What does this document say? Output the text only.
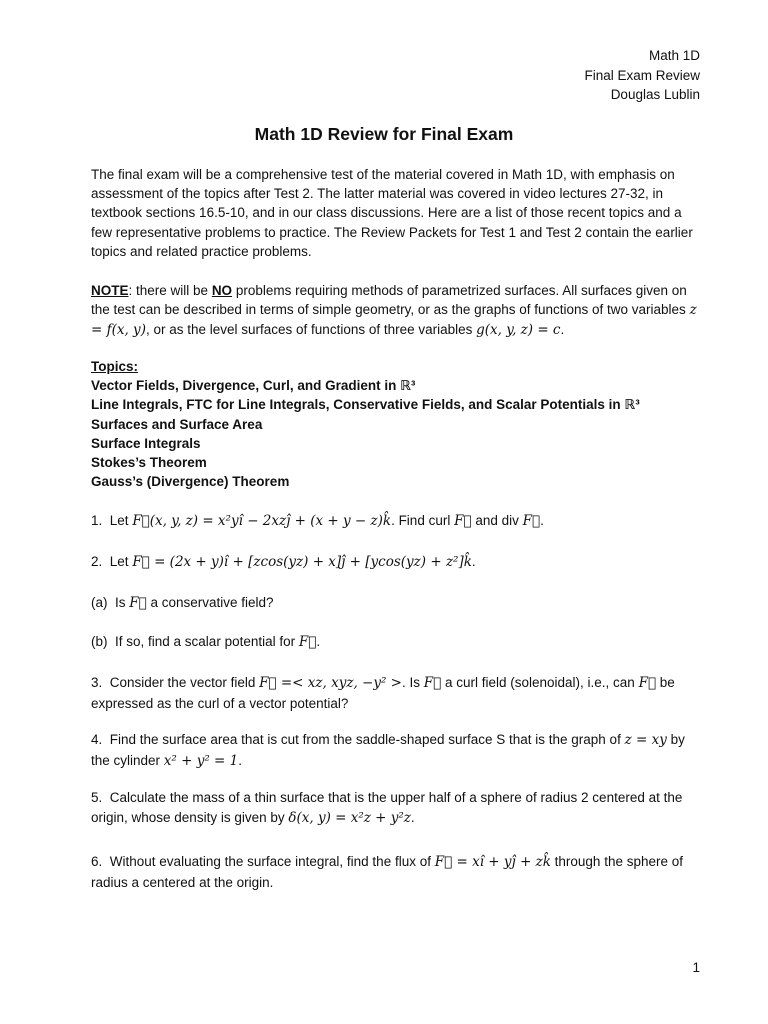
Math 1D
Final Exam Review
Douglas Lublin
Math 1D Review for Final Exam
The final exam will be a comprehensive test of the material covered in Math 1D, with emphasis on assessment of the topics after Test 2. The latter material was covered in video lectures 27-32, in textbook sections 16.5-10, and in our class discussions. Here are a list of those recent topics and a few representative problems to practice. The Review Packets for Test 1 and Test 2 contain the earlier topics and related practice problems.
NOTE: there will be NO problems requiring methods of parametrized surfaces. All surfaces given on the test can be described in terms of simple geometry, or as the graphs of functions of two variables z = f(x, y), or as the level surfaces of functions of three variables g(x, y, z) = c.
Topics:
Vector Fields, Divergence, Curl, and Gradient in ℝ³
Line Integrals, FTC for Line Integrals, Conservative Fields, and Scalar Potentials in ℝ³
Surfaces and Surface Area
Surface Integrals
Stokes’s Theorem
Gauss’s (Divergence) Theorem
1. Let F⃗(x, y, z) = x²yî − 2xzĵ + (x + y − z)k̂. Find curl F⃗ and div F⃗.
2. Let F⃗ = (2x + y)î + [zcos(yz) + x]ĵ + [ycos(yz) + z²]k̂.
(a) Is F⃗ a conservative field?
(b) If so, find a scalar potential for F⃗.
3. Consider the vector field F⃗ =< xz, xyz, −y² >. Is F⃗ a curl field (solenoidal), i.e., can F⃗ be expressed as the curl of a vector potential?
4. Find the surface area that is cut from the saddle-shaped surface S that is the graph of z = xy by the cylinder x² + y² = 1.
5. Calculate the mass of a thin surface that is the upper half of a sphere of radius 2 centered at the origin, whose density is given by δ(x, y) = x²z + y²z.
6. Without evaluating the surface integral, find the flux of F⃗ = xî + yĵ + zk̂ through the sphere of radius a centered at the origin.
1
